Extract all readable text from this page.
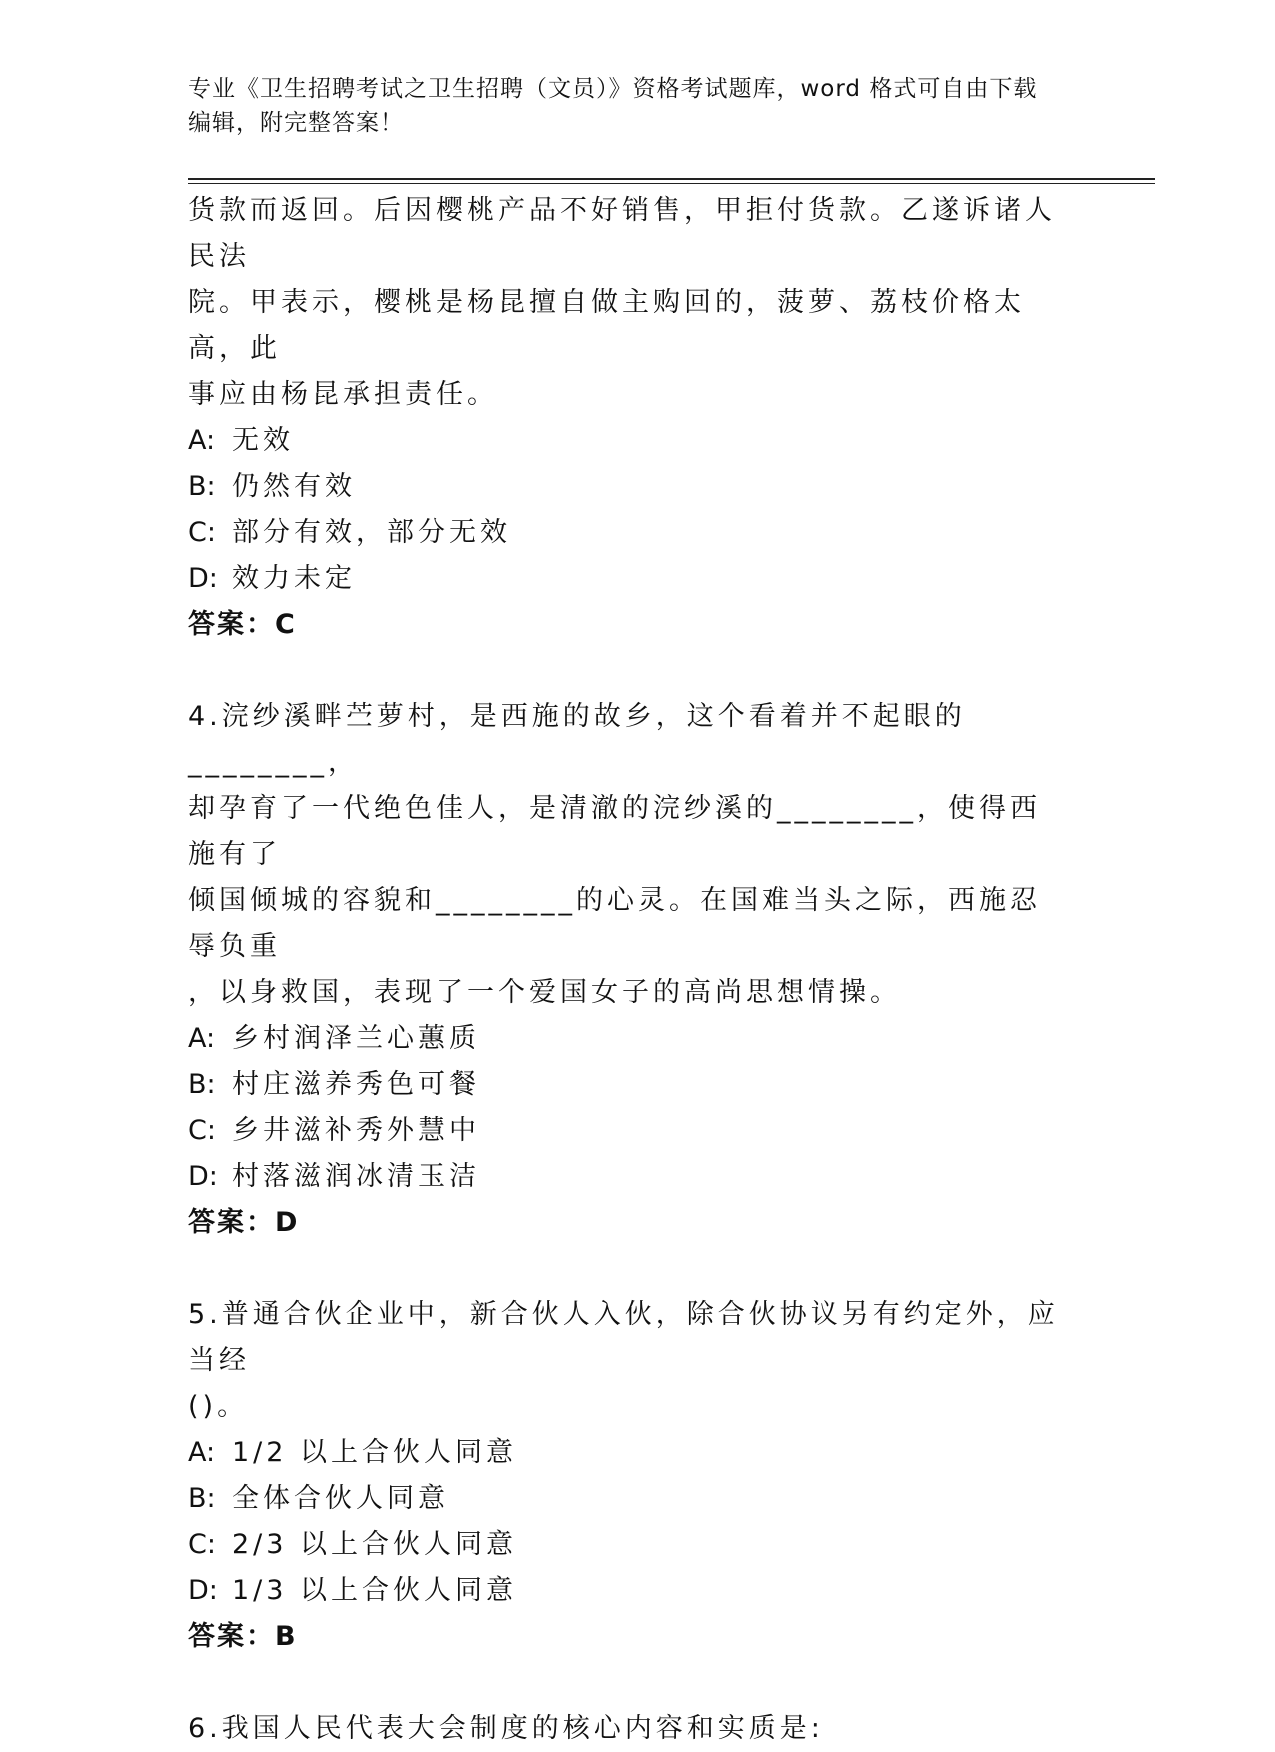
专业《卫生招聘考试之卫生招聘（文员）》资格考试题库，word 格式可自由下载
编辑，附完整答案！

货款而返回。后因樱桃产品不好销售，甲拒付货款。乙遂诉诸人民法

院。甲表示，樱桃是杨昆擅自做主购回的，菠萝、荔枝价格太高，此

事应由杨昆承担责任。

A: 无效

B: 仍然有效

C: 部分有效，部分无效

D: 效力未定

答案：C

4.浣纱溪畔苎萝村，是西施的故乡，这个看着并不起眼的________，

却孕育了一代绝色佳人，是清澈的浣纱溪的________，使得西施有了

倾国倾城的容貌和________的心灵。在国难当头之际，西施忍辱负重

，以身救国，表现了一个爱国女子的高尚思想情操。

A: 乡村润泽兰心蕙质

B: 村庄滋养秀色可餐

C: 乡井滋补秀外慧中

D: 村落滋润冰清玉洁

答案：D

5.普通合伙企业中，新合伙人入伙，除合伙协议另有约定外，应当经

()。

A: 1/2 以上合伙人同意

B: 全体合伙人同意

C: 2/3 以上合伙人同意

D: 1/3 以上合伙人同意

答案：B

6.我国人民代表大会制度的核心内容和实质是:
